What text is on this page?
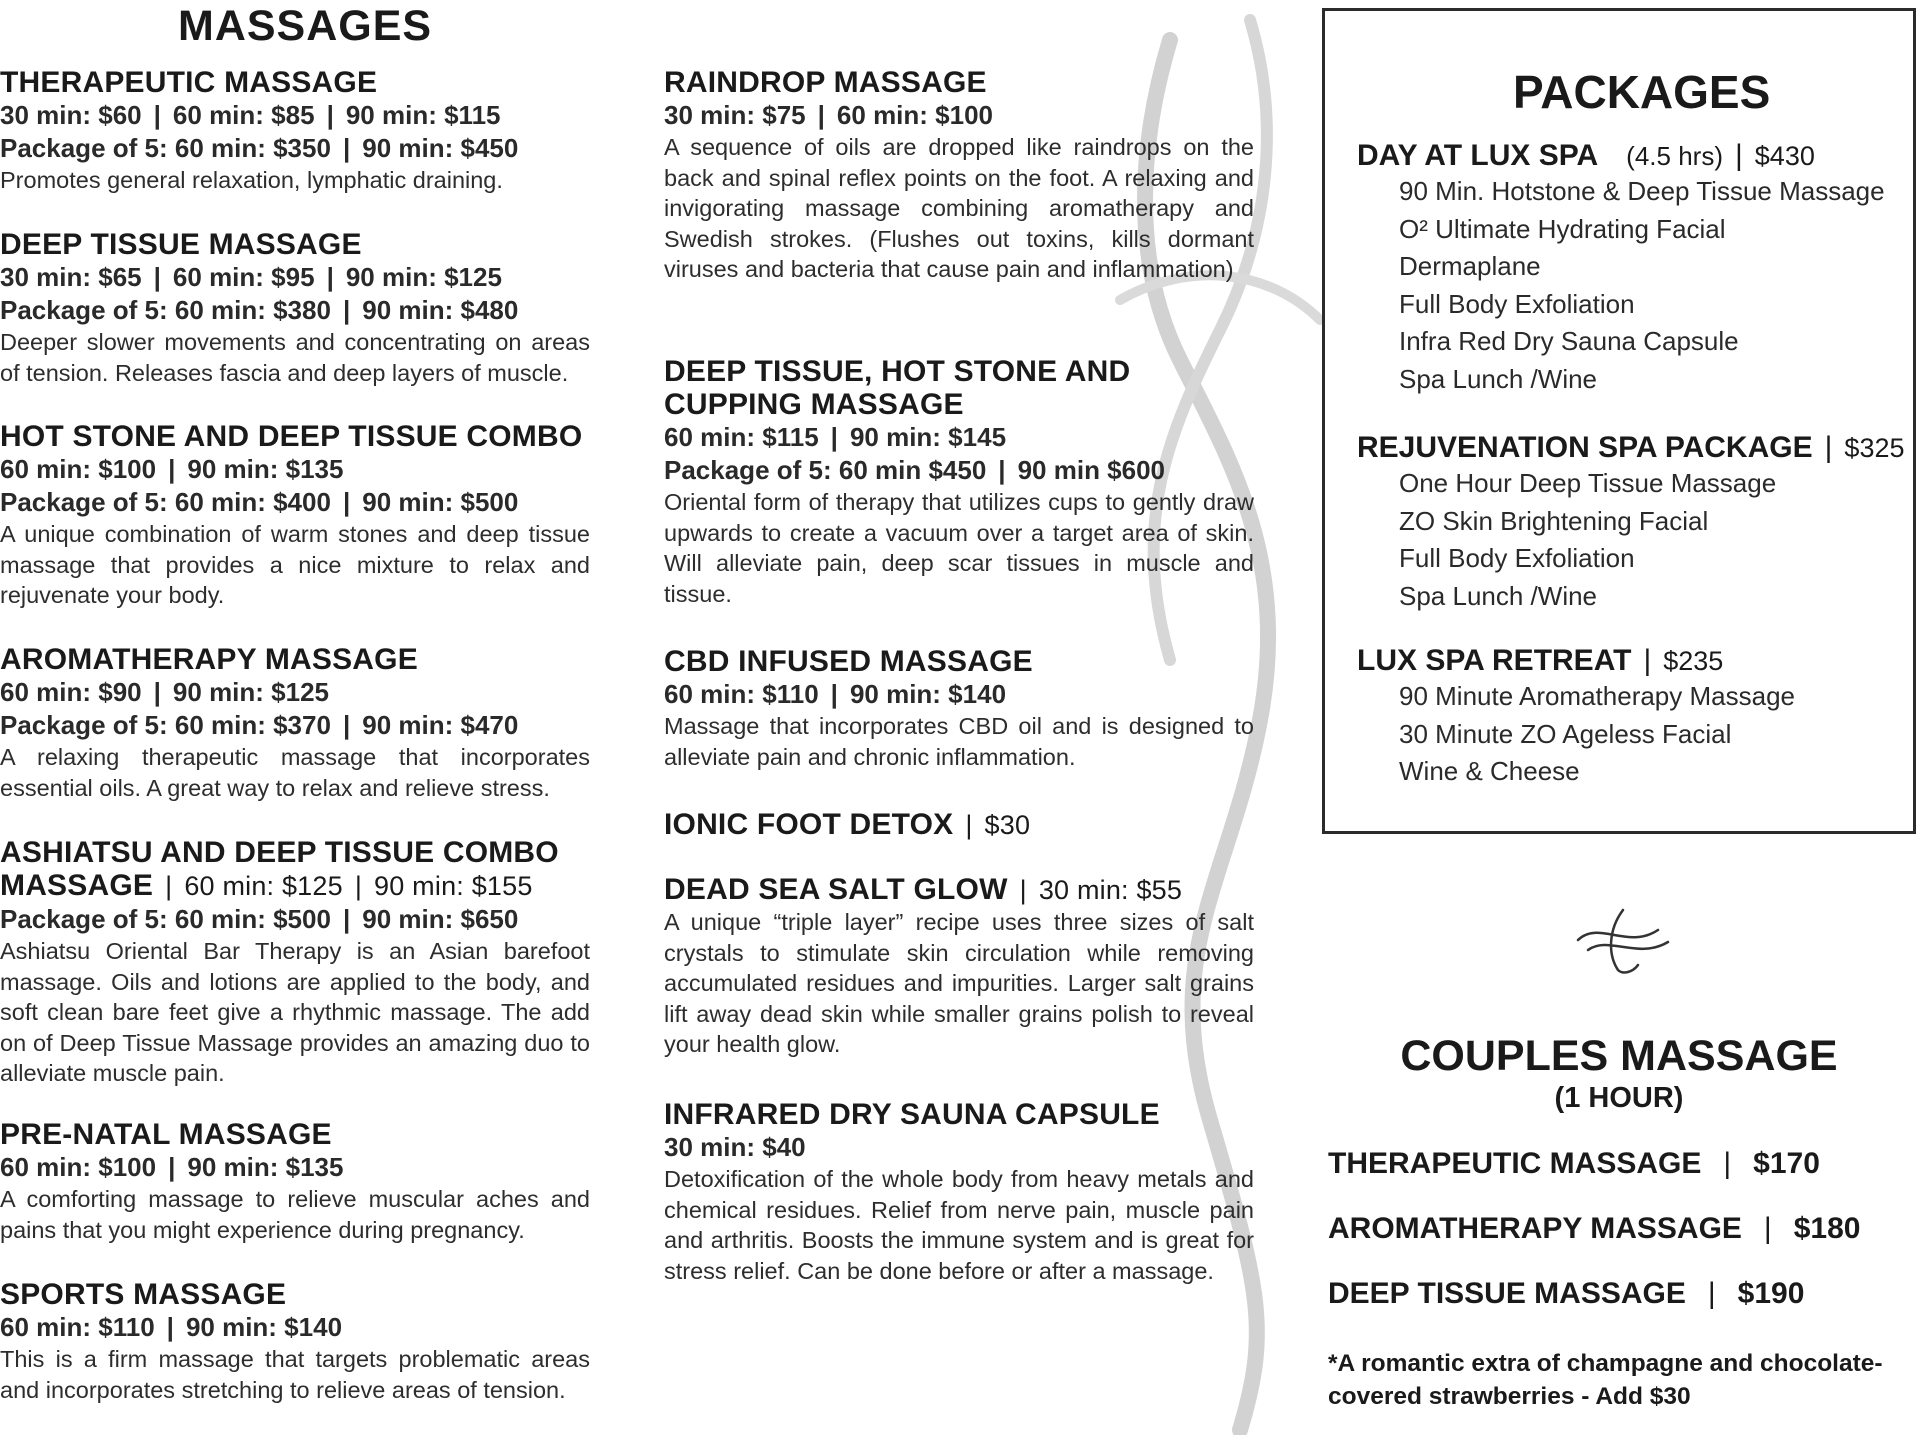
MASSAGES
THERAPEUTIC MASSAGE
30 min: $60 | 60 min: $85 | 90 min: $115
Package of 5: 60 min: $350 | 90 min: $450
Promotes general relaxation, lymphatic draining.
DEEP TISSUE MASSAGE
30 min: $65 | 60 min: $95 | 90 min: $125
Package of 5: 60 min: $380 | 90 min: $480
Deeper slower movements and concentrating on areas of tension. Releases fascia and deep layers of muscle.
HOT STONE AND DEEP TISSUE COMBO
60 min: $100 | 90 min: $135
Package of 5: 60 min: $400 | 90 min: $500
A unique combination of warm stones and deep tissue massage that provides a nice mixture to relax and rejuvenate your body.
AROMATHERAPY MASSAGE
60 min: $90 | 90 min: $125
Package of 5: 60 min: $370 | 90 min: $470
A relaxing therapeutic massage that incorporates essential oils. A great way to relax and relieve stress.
ASHIATSU AND DEEP TISSUE COMBO MASSAGE | 60 min: $125 | 90 min: $155
Package of 5: 60 min: $500 | 90 min: $650
Ashiatsu Oriental Bar Therapy is an Asian barefoot massage. Oils and lotions are applied to the body, and soft clean bare feet give a rhythmic massage. The add on of Deep Tissue Massage provides an amazing duo to alleviate muscle pain.
PRE-NATAL MASSAGE
60 min: $100 | 90 min: $135
A comforting massage to relieve muscular aches and pains that you might experience during pregnancy.
SPORTS MASSAGE
60 min: $110 | 90 min: $140
This is a firm massage that targets problematic areas and incorporates stretching to relieve areas of tension.
RAINDROP MASSAGE
30 min: $75 | 60 min: $100
A sequence of oils are dropped like raindrops on the back and spinal reflex points on the foot. A relaxing and invigorating massage combining aromatherapy and Swedish strokes. (Flushes out toxins, kills dormant viruses and bacteria that cause pain and inflammation)
DEEP TISSUE, HOT STONE AND CUPPING MASSAGE
60 min: $115 | 90 min: $145
Package of 5: 60 min $450 | 90 min $600
Oriental form of therapy that utilizes cups to gently draw upwards to create a vacuum over a target area of skin. Will alleviate pain, deep scar tissues in muscle and tissue.
CBD INFUSED MASSAGE
60 min: $110 | 90 min: $140
Massage that incorporates CBD oil and is designed to alleviate pain and chronic inflammation.
IONIC FOOT DETOX | $30
DEAD SEA SALT GLOW | 30 min: $55
A unique “triple layer” recipe uses three sizes of salt crystals to stimulate skin circulation while removing accumulated residues and impurities. Larger salt grains lift away dead skin while smaller grains polish to reveal your health glow.
INFRARED DRY SAUNA CAPSULE
30 min: $40
Detoxification of the whole body from heavy metals and chemical residues. Relief from nerve pain, muscle pain and arthritis. Boosts the immune system and is great for stress relief. Can be done before or after a massage.
PACKAGES
DAY AT LUX SPA (4.5 hrs) | $430
90 Min. Hotstone & Deep Tissue Massage
O² Ultimate Hydrating Facial
Dermaplane
Full Body Exfoliation
Infra Red Dry Sauna Capsule
Spa Lunch /Wine
REJUVENATION SPA PACKAGE | $325
One Hour Deep Tissue Massage
ZO Skin Brightening Facial
Full Body Exfoliation
Spa Lunch /Wine
LUX SPA RETREAT | $235
90 Minute Aromatherapy Massage
30 Minute ZO Ageless Facial
Wine & Cheese
COUPLES MASSAGE
(1 HOUR)
THERAPEUTIC MASSAGE | $170
AROMATHERAPY MASSAGE | $180
DEEP TISSUE MASSAGE | $190
*A romantic extra of champagne and chocolate-covered strawberries - Add $30
